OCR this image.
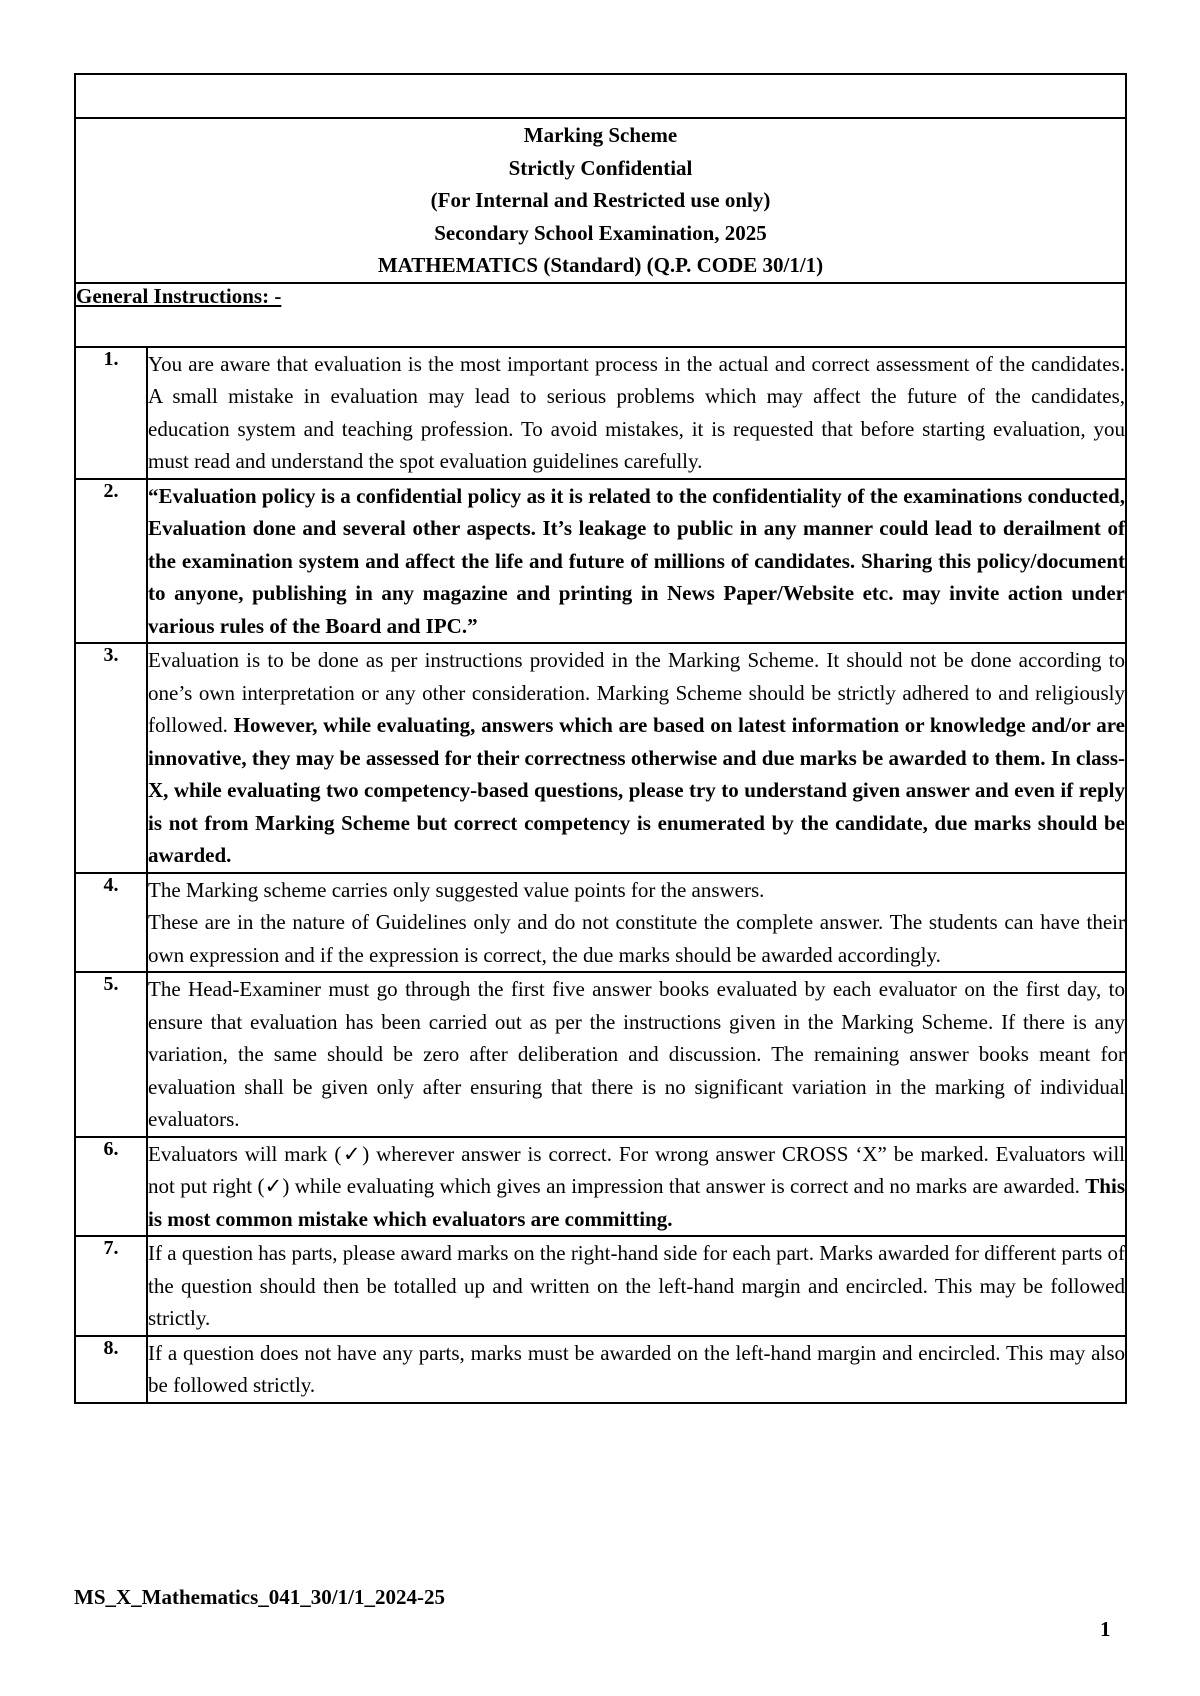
Marking Scheme
Strictly Confidential
(For Internal and Restricted use only)
Secondary School Examination, 2025
MATHEMATICS (Standard) (Q.P. CODE 30/1/1)	

General Instructions: -	
1.	You are aware that evaluation is the most important process in the actual and correct assessment of the candidates. A small mistake in evaluation may lead to serious problems which may affect the future of the candidates, education system and teaching profession. To avoid mistakes, it is requested that before starting evaluation, you must read and understand the spot evaluation guidelines carefully.
2.	“Evaluation policy is a confidential policy as it is related to the confidentiality of the examinations conducted, Evaluation done and several other aspects. It’s leakage to public in any manner could lead to derailment of the examination system and affect the life and future of millions of candidates. Sharing this policy/document to anyone, publishing in any magazine and printing in News Paper/Website etc. may invite action under various rules of the Board and IPC.”
3.	Evaluation is to be done as per instructions provided in the Marking Scheme. It should not be done according to one’s own interpretation or any other consideration. Marking Scheme should be strictly adhered to and religiously followed. However, while evaluating, answers which are based on latest information or knowledge and/or are innovative, they may be assessed for their correctness otherwise and due marks be awarded to them. In class-X, while evaluating two competency-based questions, please try to understand given answer and even if reply is not from Marking Scheme but correct competency is enumerated by the candidate, due marks should be awarded.
4.	The Marking scheme carries only suggested value points for the answers.
These are in the nature of Guidelines only and do not constitute the complete answer. The students can have their own expression and if the expression is correct, the due marks should be awarded accordingly.

5.	The Head-Examiner must go through the first five answer books evaluated by each evaluator on the first day, to ensure that evaluation has been carried out as per the instructions given in the Marking Scheme. If there is any variation, the same should be zero after deliberation and discussion. The remaining answer books meant for evaluation shall be given only after ensuring that there is no significant variation in the marking of individual evaluators.
6.	Evaluators will mark (✓) wherever answer is correct. For wrong answer CROSS ‘X” be marked. Evaluators will not put right (✓) while evaluating which gives an impression that answer is correct and no marks are awarded. This is most common mistake which evaluators are committing.
7.	If a question has parts, please award marks on the right-hand side for each part. Marks awarded for different parts of the question should then be totalled up and written on the left-hand margin and encircled. This may be followed strictly.
8.	If a question does not have any parts, marks must be awarded on the left-hand margin and encircled. This may also be followed strictly.
MS_X_Mathematics_041_30/1/1_2024-25
1
